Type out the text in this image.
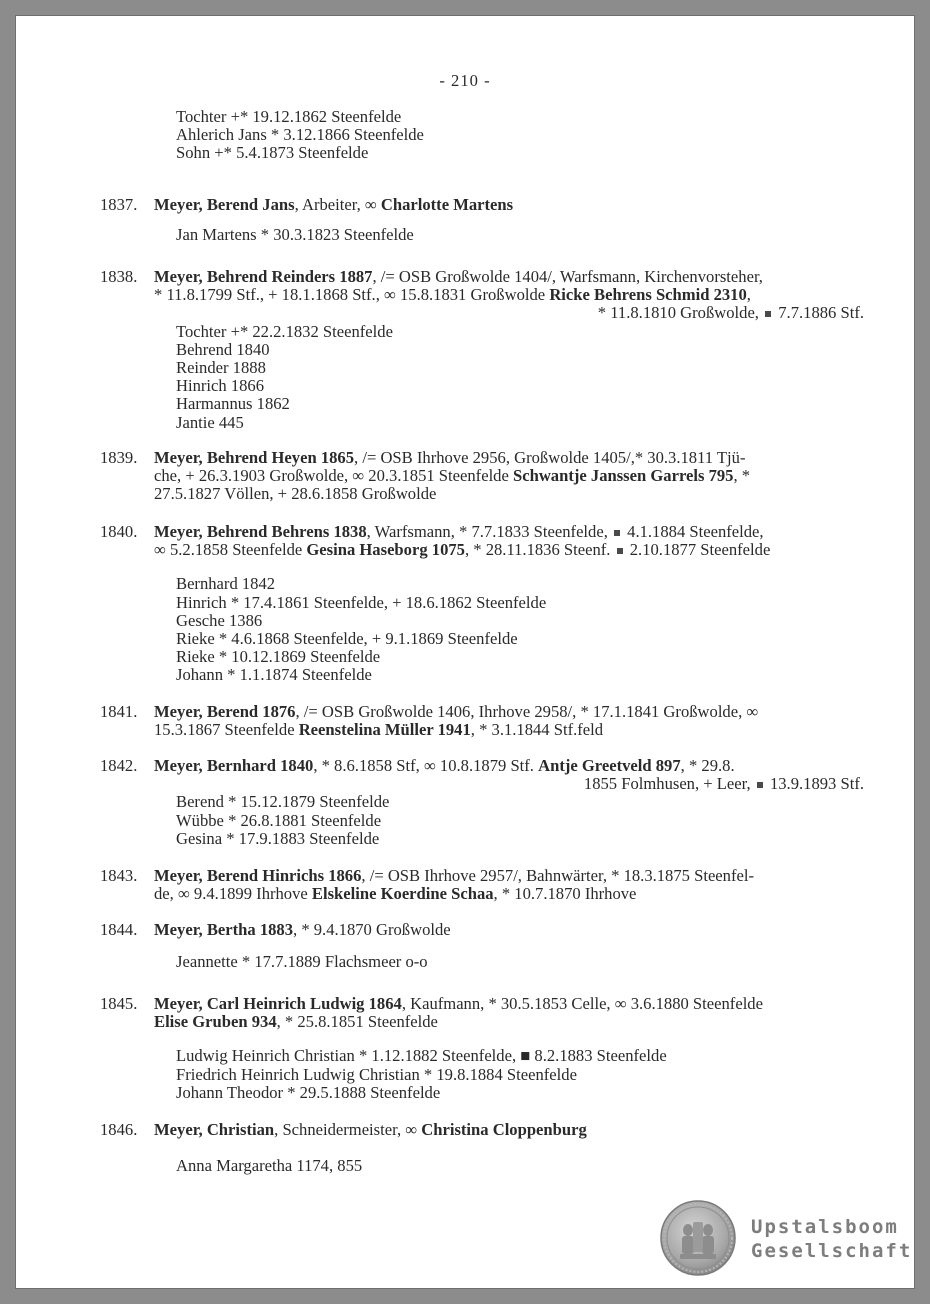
- 210 -
Tochter +* 19.12.1862 Steenfelde
Ahlerich Jans * 3.12.1866 Steenfelde
Sohn +* 5.4.1873 Steenfelde
1837. Meyer, Berend Jans, Arbeiter, ∞ Charlotte Martens
Jan Martens * 30.3.1823 Steenfelde
1838. Meyer, Behrend Reinders 1887, /= OSB Großwolde 1404/, Warfsmann, Kirchenvorsteher,
* 11.8.1799 Stf., + 18.1.1868 Stf., ∞ 15.8.1831 Großwolde Ricke Behrens Schmid 2310,
* 11.8.1810 Großwolde,  7.7.1886 Stf.
Tochter +* 22.2.1832 Steenfelde
Behrend 1840
Reinder 1888
Hinrich 1866
Harmannus 1862
Jantie 445
1839. Meyer, Behrend Heyen 1865, /= OSB Ihrhove 2956, Großwolde 1405/,* 30.3.1811 Tjü-
che, + 26.3.1903 Großwolde, ∞ 20.3.1851 Steenfelde Schwantje Janssen Garrels 795, *
27.5.1827 Völlen, + 28.6.1858 Großwolde
1840. Meyer, Behrend Behrens 1838, Warfsmann, * 7.7.1833 Steenfelde,  4.1.1884 Steenfelde,
∞ 5.2.1858 Steenfelde Gesina Haseborg 1075, * 28.11.1836 Steenf.  2.10.1877 Steenfelde
Bernhard 1842
Hinrich * 17.4.1861 Steenfelde, + 18.6.1862 Steenfelde
Gesche 1386
Rieke * 4.6.1868 Steenfelde, + 9.1.1869 Steenfelde
Rieke * 10.12.1869 Steenfelde
Johann * 1.1.1874 Steenfelde
1841. Meyer, Berend 1876, /= OSB Großwolde 1406, Ihrhove 2958/, * 17.1.1841 Großwolde, ∞
15.3.1867 Steenfelde Reenstelina Müller 1941, * 3.1.1844 Stf.feld
1842. Meyer, Bernhard 1840, * 8.6.1858 Stf, ∞ 10.8.1879 Stf. Antje Greetveld 897, * 29.8.
1855 Folmhusen, + Leer,  13.9.1893 Stf.
Berend * 15.12.1879 Steenfelde
Wübbe * 26.8.1881 Steenfelde
Gesina * 17.9.1883 Steenfelde
1843. Meyer, Berend Hinrichs 1866, /= OSB Ihrhove 2957/, Bahnwärter, * 18.3.1875 Steenfel-
de, ∞ 9.4.1899 Ihrhove Elskeline Koerdine Schaa, * 10.7.1870 Ihrhove
1844. Meyer, Bertha 1883, * 9.4.1870 Großwolde
Jeannette * 17.7.1889 Flachsmeer o-o
1845. Meyer, Carl Heinrich Ludwig 1864, Kaufmann, * 30.5.1853 Celle, ∞ 3.6.1880 Steenfelde
Elise Gruben 934, * 25.8.1851 Steenfelde
Ludwig Heinrich Christian * 1.12.1882 Steenfelde, ■ 8.2.1883 Steenfelde
Friedrich Heinrich Ludwig Christian * 19.8.1884 Steenfelde
Johann Theodor * 29.5.1888 Steenfelde
1846. Meyer, Christian, Schneidermeister, ∞ Christina Cloppenburg
Anna Margaretha 1174, 855
Upstalsboom
Gesellschaft
